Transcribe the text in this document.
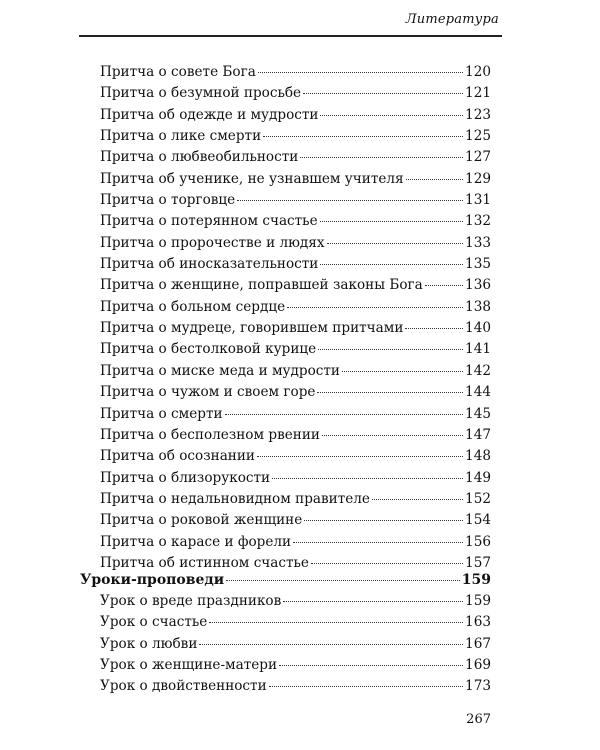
Литература
Притча о совете Бога	120
Притча о безумной просьбе	121
Притча об одежде и мудрости	123
Притча о лике смерти	125
Притча о любвеобильности	127
Притча об ученике, не узнавшем учителя	129
Притча о торговце	131
Притча о потерянном счастье	132
Притча о пророчестве и людях	133
Притча об иносказательности	135
Притча о женщине, поправшей законы Бога	136
Притча о больном сердце	138
Притча о мудреце, говорившем притчами	140
Притча о бестолковой курице	141
Притча о миске меда и мудрости	142
Притча о чужом и своем горе	144
Притча о смерти	145
Притча о бесполезном рвении	147
Притча об осознании	148
Притча о близорукости	149
Притча о недальновидном правителе	152
Притча о роковой женщине	154
Притча о карасе и форели	156
Притча об истинном счастье	157
Уроки-проповеди	159
Урок о вреде праздников	159
Урок о счастье	163
Урок о любви	167
Урок о женщине-матери	169
Урок о двойственности	173
267
